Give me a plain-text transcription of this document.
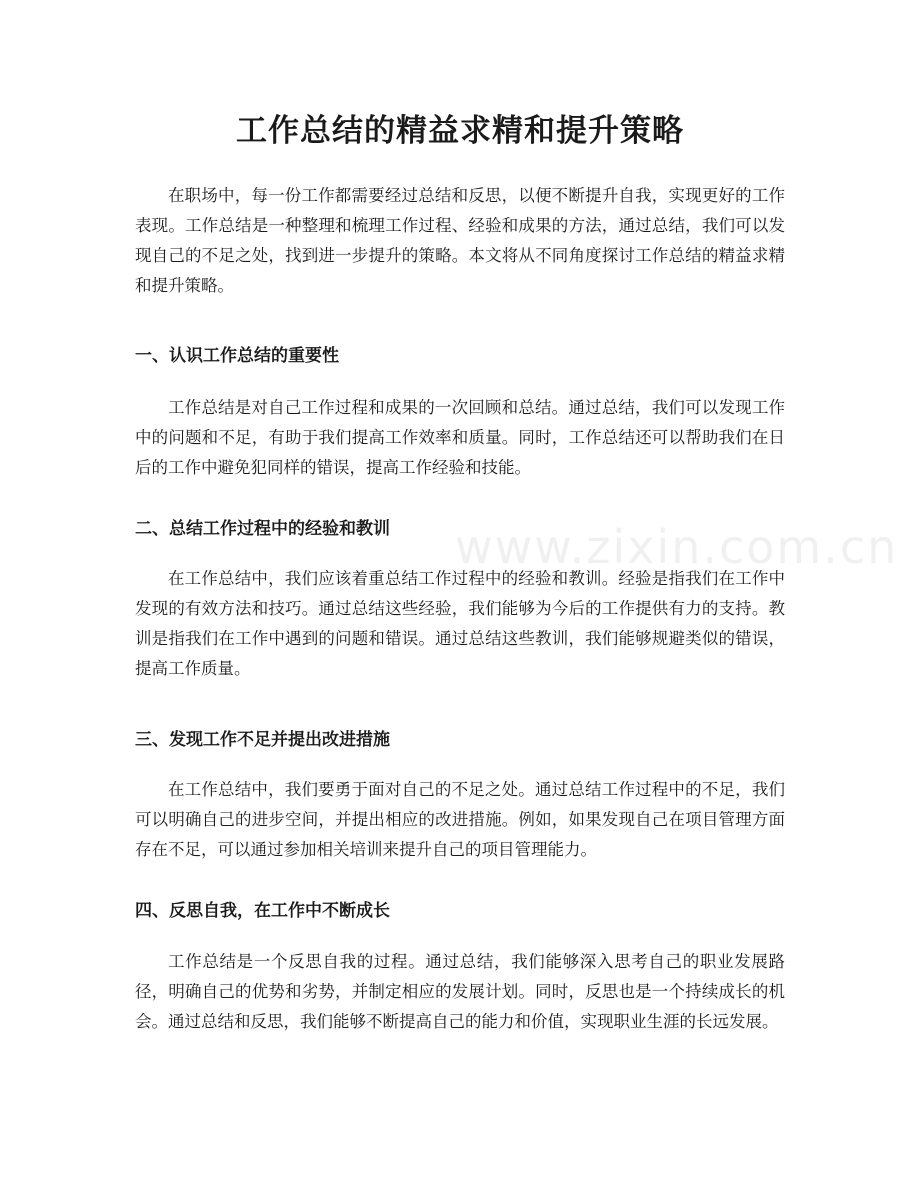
工作总结的精益求精和提升策略

在职场中，每一份工作都需要经过总结和反思，以便不断提升自我，实现更好的工作表现。工作总结是一种整理和梳理工作过程、经验和成果的方法，通过总结，我们可以发现自己的不足之处，找到进一步提升的策略。本文将从不同角度探讨工作总结的精益求精和提升策略。

一、认识工作总结的重要性

工作总结是对自己工作过程和成果的一次回顾和总结。通过总结，我们可以发现工作中的问题和不足，有助于我们提高工作效率和质量。同时，工作总结还可以帮助我们在日后的工作中避免犯同样的错误，提高工作经验和技能。

二、总结工作过程中的经验和教训

在工作总结中，我们应该着重总结工作过程中的经验和教训。经验是指我们在工作中发现的有效方法和技巧。通过总结这些经验，我们能够为今后的工作提供有力的支持。教训是指我们在工作中遇到的问题和错误。通过总结这些教训，我们能够规避类似的错误，提高工作质量。

三、发现工作不足并提出改进措施

在工作总结中，我们要勇于面对自己的不足之处。通过总结工作过程中的不足，我们可以明确自己的进步空间，并提出相应的改进措施。例如，如果发现自己在项目管理方面存在不足，可以通过参加相关培训来提升自己的项目管理能力。

四、反思自我，在工作中不断成长

工作总结是一个反思自我的过程。通过总结，我们能够深入思考自己的职业发展路径，明确自己的优势和劣势，并制定相应的发展计划。同时，反思也是一个持续成长的机会。通过总结和反思，我们能够不断提高自己的能力和价值，实现职业生涯的长远发展。

www.zixin.com.cn
